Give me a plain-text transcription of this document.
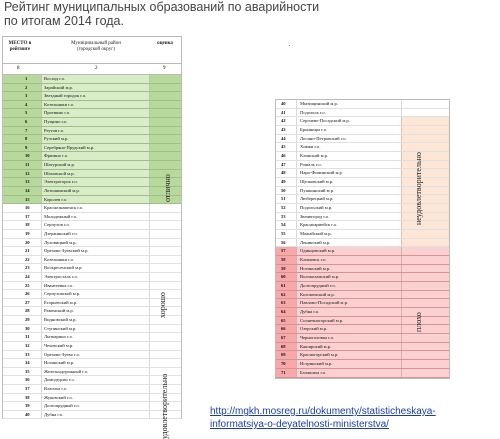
Рейтинг муниципальных образований по аварийности
по итогам 2014 года.
МЕСТО в рейтинге
Муниципальный район (городской округ)
оценка
8	2	9
1	Восход г.о.
2	Зарайский м.р.
3	Звездный городок г.о.
4	Котельники г.о.
5	Протвино г.о.
6	Пущино г.о.
7	Реутов г.о.
8	Рузский м.р.
9	Серебряно-Прудский м.р.
10	Фрязино г.о.
11	Шатурский м.р.
12	Шаховской м.р.
13	Электрогорск г.о.
14	Лотошинский м.р.
15	Королев г.о.
16	Краснознаменск г.о.
17	Молодежный г.о.
18	Серпухов г.о.
19	Дзержинский г.о.
20	Луховицкий м.р.
21	Орехово-Зуевский м.р.
22	Котельники г.о.
23	Воскресенский м.р.
24	Электросталь г.о.
25	Ивантеевка г.о.
26	Серпуховской м.р.
27	Егорьевский м.р.
28	Раменский м.р.
29	Видновский м.р.
30	Ступинский м.р.
31	Лыткарино г.о.
32	Чеховский м.р.
33	Орехово-Зуево г.о.
34	Ногинский м.р.
35	Железнодорожный г.о.
36	Домодедово г.о.
37	Власиха г.о.
38	Жуковский г.о.
39	Долгопрудный г.о.
40	Дубна г.о.
отлично
хорошо
удовлетворительно
40	Мытищинский м.р.
41	Подольск г.о.
42	Сергиево-Посадский м.р.
43	Бронницы г.о.
44	Лосино-Петровский г.о.
45	Химки г.о.
46	Клинский м.р.
47	Рошаль г.о.
48	Наро-Фоминский м.р.
49	Щелковский м.р.
50	Пушкинский м.р.
51	Люберецкий м.р.
52	Подольский м.р.
53	Звенигород г.о.
54	Красноармейск г.о.
55	Можайский м.р.
56	Ленинский м.р.
57	Одинцовский м.р.
58	Климовск г.о.
59	Ногинский м.р.
60	Волоколамский м.р.
61	Долгопрудный г.о.
62	Коломенский м.р.
63	Павлово-Посадский м.р.
64	Дубна г.о.
65	Солнечногорский м.р.
66	Озерский м.р.
67	Черноголовка г.о.
68	Каширский м.р.
69	Красногорский м.р.
70	Истринский м.р.
71	Балашиха г.о.
неудовлетворительно
плохо
http://mgkh.mosreg.ru/dokumenty/statisticheskaya-
informatsiya-o-deyatelnosti-ministerstva/
